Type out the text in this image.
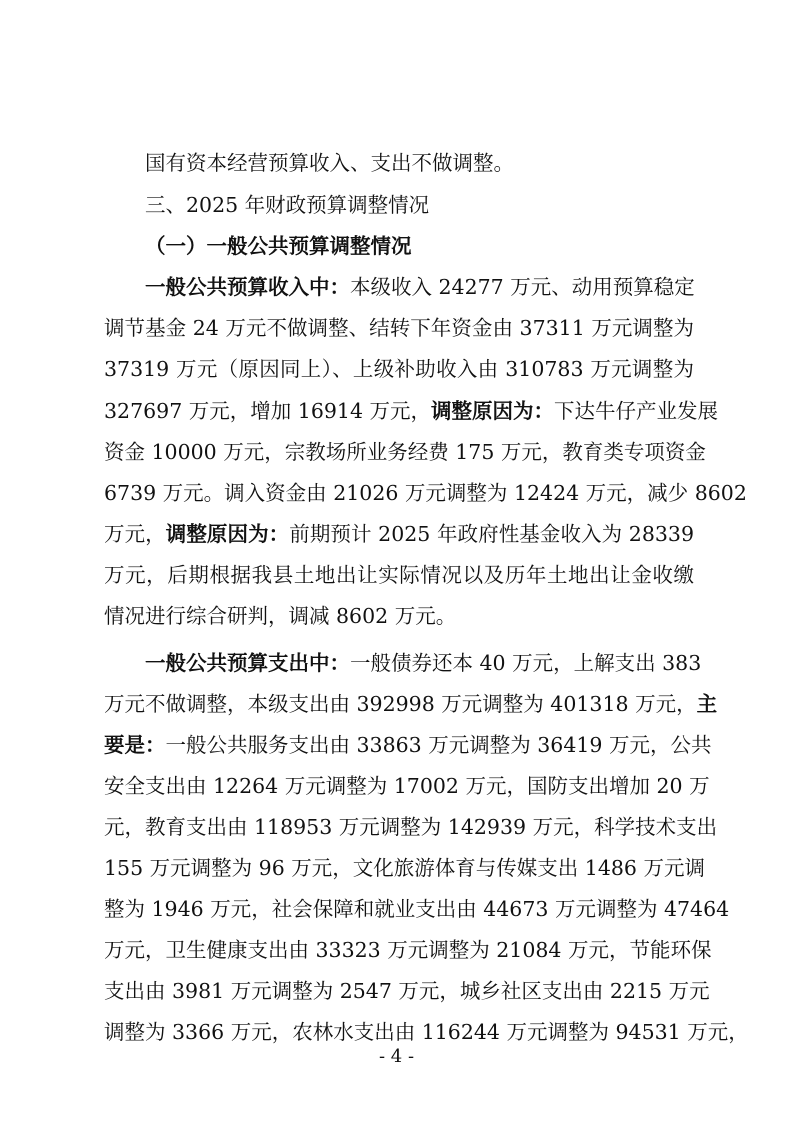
国有资本经营预算收入、支出不做调整。
三、2025 年财政预算调整情况
（一）一般公共预算调整情况
一般公共预算收入中：本级收入 24277 万元、动用预算稳定
调节基金 24 万元不做调整、结转下年资金由 37311 万元调整为
37319 万元（原因同上）、上级补助收入由 310783 万元调整为
327697 万元，增加 16914 万元，调整原因为：下达牛仔产业发展
资金 10000 万元，宗教场所业务经费 175 万元，教育类专项资金
6739 万元。调入资金由 21026 万元调整为 12424 万元，减少 8602
万元，调整原因为：前期预计 2025 年政府性基金收入为 28339
万元，后期根据我县土地出让实际情况以及历年土地出让金收缴
情况进行综合研判，调减 8602 万元。
一般公共预算支出中：一般债券还本 40 万元，上解支出 383
万元不做调整，本级支出由 392998 万元调整为 401318 万元，主
要是：一般公共服务支出由 33863 万元调整为 36419 万元，公共
安全支出由 12264 万元调整为 17002 万元，国防支出增加 20 万
元，教育支出由 118953 万元调整为 142939 万元，科学技术支出
155 万元调整为 96 万元，文化旅游体育与传媒支出 1486 万元调
整为 1946 万元，社会保障和就业支出由 44673 万元调整为 47464
万元，卫生健康支出由 33323 万元调整为 21084 万元，节能环保
支出由 3981 万元调整为 2547 万元，城乡社区支出由 2215 万元
调整为 3366 万元，农林水支出由 116244 万元调整为 94531 万元，
- 4 -
